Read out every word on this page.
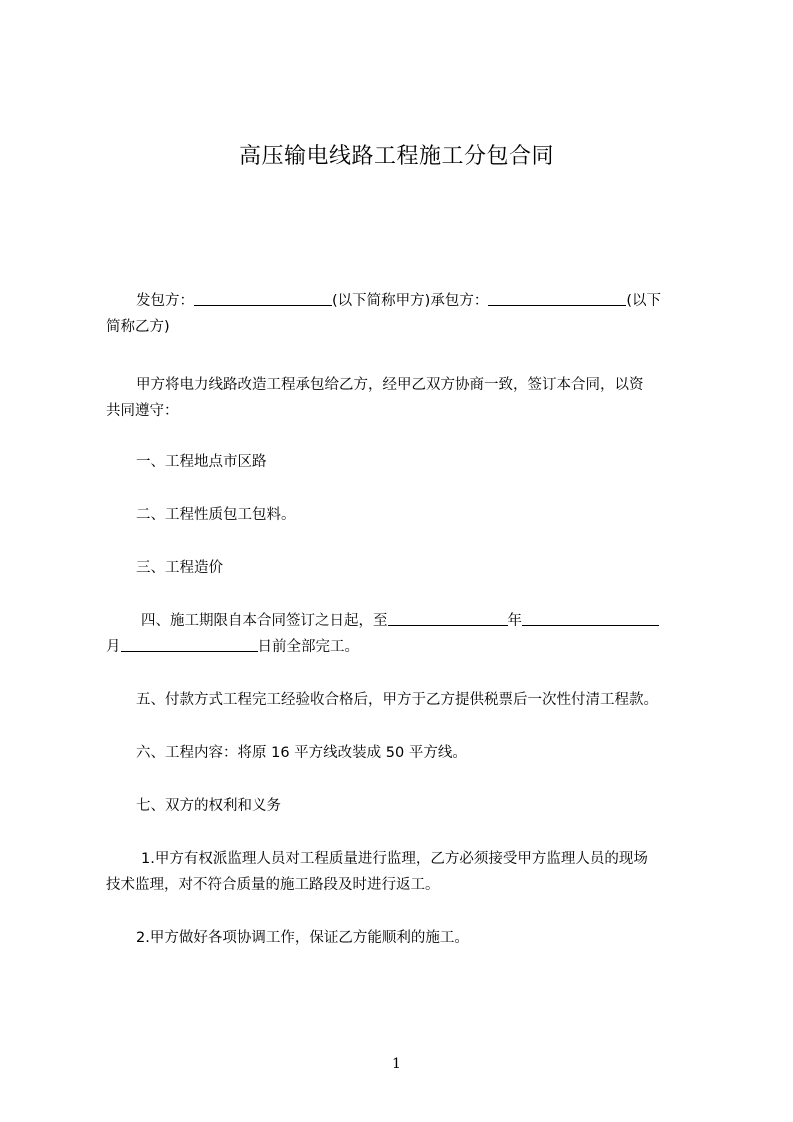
高压输电线路工程施工分包合同
发包方：	(以下简称甲方)承包方：	(以下
简称乙方)
甲方将电力线路改造工程承包给乙方，经甲乙双方协商一致，签订本合同，以资
共同遵守：
一、工程地点市区路
二、工程性质包工包料。
三、工程造价
四、施工期限自本合同签订之日起，至	年
月	日前全部完工。
五、付款方式工程完工经验收合格后，甲方于乙方提供税票后一次性付清工程款。
六、工程内容：将原 16 平方线改装成 50 平方线。
七、双方的权利和义务
1.甲方有权派监理人员对工程质量进行监理，乙方必须接受甲方监理人员的现场
技术监理，对不符合质量的施工路段及时进行返工。
2.甲方做好各项协调工作，保证乙方能顺利的施工。
1
